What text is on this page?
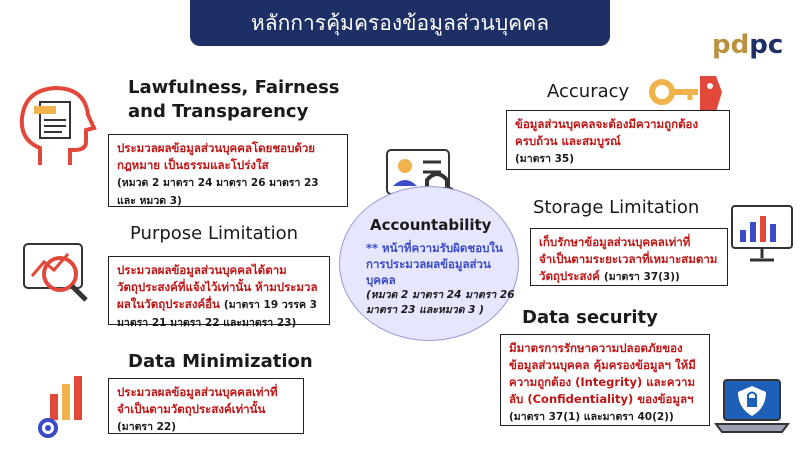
หลักการคุ้มครองข้อมูลส่วนบุคคล
pdpc
Lawfulness, Fairness and Transparency
ประมวลผลข้อมูลส่วนบุคคลโดยชอบด้วยกฎหมาย เป็นธรรมและโปร่งใส
(หมวด 2 มาตรา 24 มาตรา 26 มาตรา 23 และ หมวด 3)
Purpose Limitation
ประมวลผลข้อมูลส่วนบุคคลได้ตามวัตถุประสงค์ที่แจ้งไว้เท่านั้น ห้ามประมวลผลในวัตถุประสงค์อื่น (มาตรา 19 วรรค 3 มาตรา 21 มาตรา 22 และมาตรา 23)
Data Minimization
ประมวลผลข้อมูลส่วนบุคคลเท่าที่จำเป็นตามวัตถุประสงค์เท่านั้น
(มาตรา 22)
Accountability
** หน้าที่ความรับผิดชอบในการประมวลผลข้อมูลส่วนบุคคล
(หมวด 2 มาตรา 24 มาตรา 26 มาตรา 23 และหมวด 3 )
Accuracy
ข้อมูลส่วนบุคคลจะต้องมีความถูกต้อง ครบถ้วน และสมบูรณ์
(มาตรา 35)
Storage Limitation
เก็บรักษาข้อมูลส่วนบุคคลเท่าที่จำเป็นตามระยะเวลาที่เหมาะสมตามวัตถุประสงค์ (มาตรา 37(3))
Data security
มีมาตรการรักษาความปลอดภัยของข้อมูลส่วนบุคคล คุ้มครองข้อมูลฯ ให้มีความถูกต้อง (Integrity) และความลับ (Confidentiality) ของข้อมูลฯ
(มาตรา 37(1) และมาตรา 40(2))
